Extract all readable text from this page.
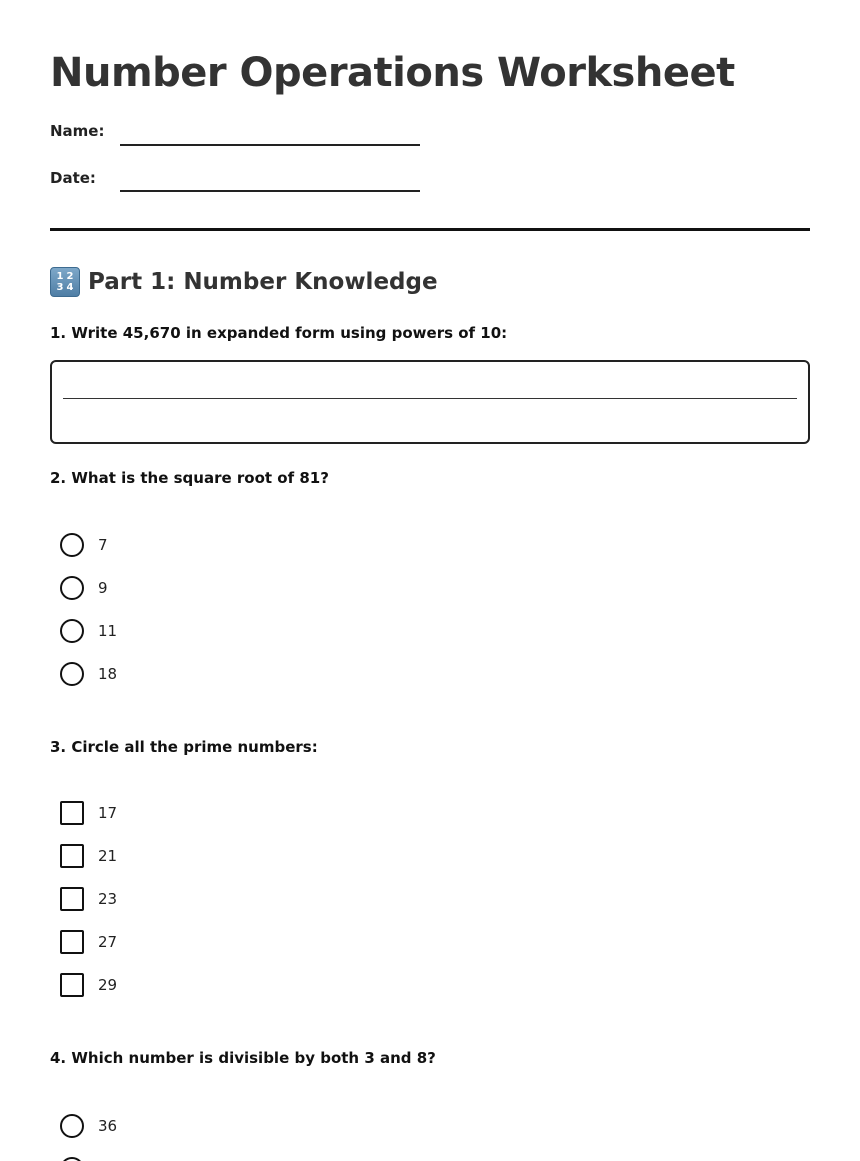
Number Operations Worksheet
Name:
Date:
1 2
3 4 Part 1: Number Knowledge
1. Write 45,670 in expanded form using powers of 10:
2. What is the square root of 81?
7
9
11
18
3. Circle all the prime numbers:
17
21
23
27
29
4. Which number is divisible by both 3 and 8?
36
